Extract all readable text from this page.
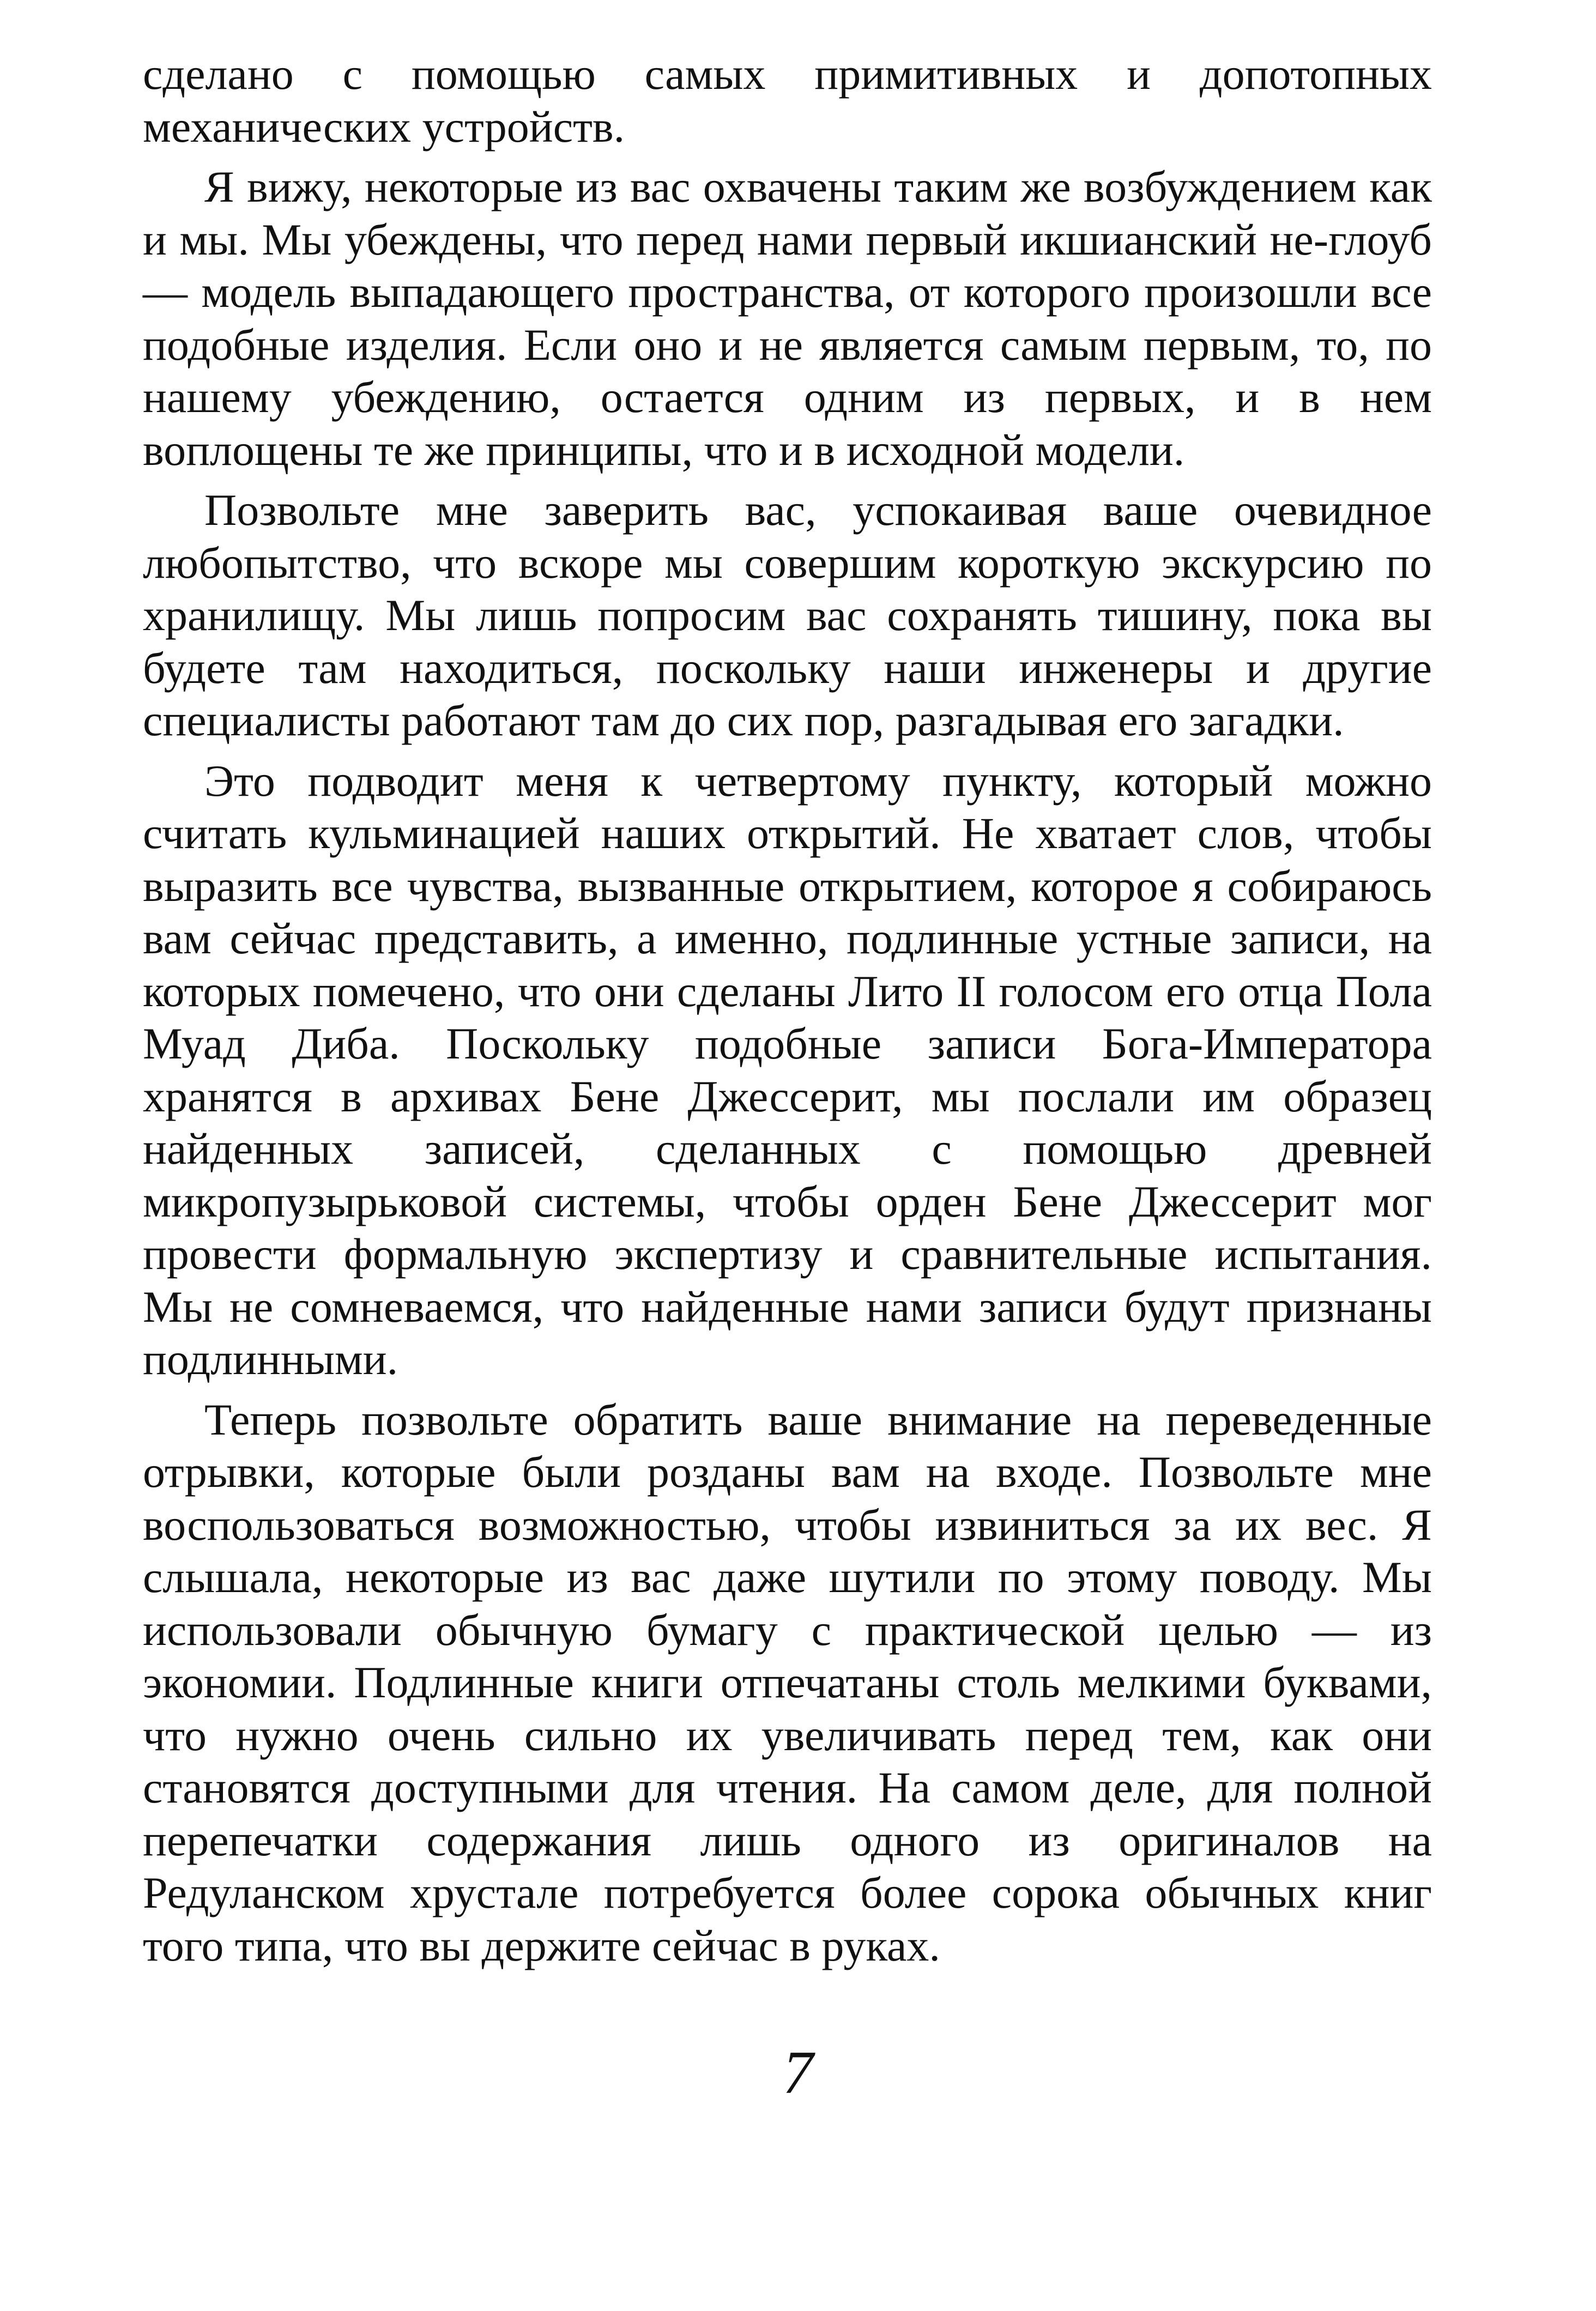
сделано с помощью самых примитивных и допотопных механических устройств.

Я вижу, некоторые из вас охвачены таким же возбуждением как и мы. Мы убеждены, что перед нами первый икшианский не-глоуб — модель выпадающего пространства, от которого произошли все подобные изделия. Если оно и не является самым первым, то, по нашему убеждению, остается одним из первых, и в нем воплощены те же принципы, что и в исходной модели.

Позвольте мне заверить вас, успокаивая ваше очевидное любопытство, что вскоре мы совершим короткую экскурсию по хранилищу. Мы лишь попросим вас сохранять тишину, пока вы будете там находиться, поскольку наши инженеры и другие специалисты работают там до сих пор, разгадывая его загадки.

Это подводит меня к четвертому пункту, который можно считать кульминацией наших открытий. Не хватает слов, чтобы выразить все чувства, вызванные открытием, которое я собираюсь вам сейчас представить, а именно, подлинные устные записи, на которых помечено, что они сделаны Лито II голосом его отца Пола Муад Диба. Поскольку подобные записи Бога-Императора хранятся в архивах Бене Джессерит, мы послали им образец найденных записей, сделанных с помощью древней микропузырьковой системы, чтобы орден Бене Джессерит мог провести формальную экспертизу и сравнительные испытания. Мы не сомневаемся, что найденные нами записи будут признаны подлинными.

Теперь позвольте обратить ваше внимание на переведенные отрывки, которые были розданы вам на входе. Позвольте мне воспользоваться возможностью, чтобы извиниться за их вес. Я слышала, некоторые из вас даже шутили по этому поводу. Мы использовали обычную бумагу с практической целью — из экономии. Подлинные книги отпечатаны столь мелкими буквами, что нужно очень сильно их увеличивать перед тем, как они становятся доступными для чтения. На самом деле, для полной перепечатки содержания лишь одного из оригиналов на Редуланском хрустале потребуется более сорока обычных книг того типа, что вы держите сейчас в руках.

7
